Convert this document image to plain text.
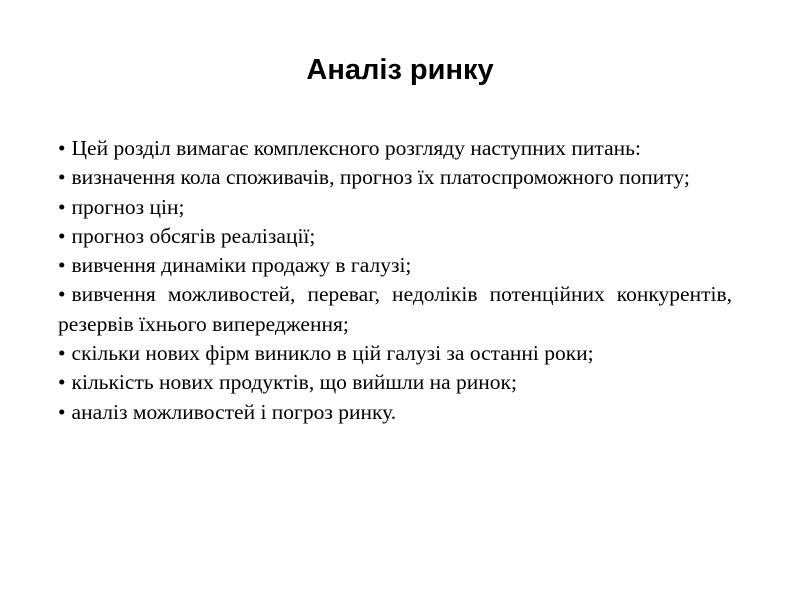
Аналіз ринку
• Цей розділ вимагає комплексного розгляду наступних питань:
• визначення кола споживачів, прогноз їх платоспроможного попиту;
• прогноз цін;
• прогноз обсягів реалізації;
• вивчення динаміки продажу в галузі;
• вивчення можливостей, переваг, недоліків потенційних конкурентів, резервів їхнього випередження;
• скільки нових фірм виникло в цій галузі за останні роки;
• кількість нових продуктів, що вийшли на ринок;
• аналіз можливостей і погроз ринку.
